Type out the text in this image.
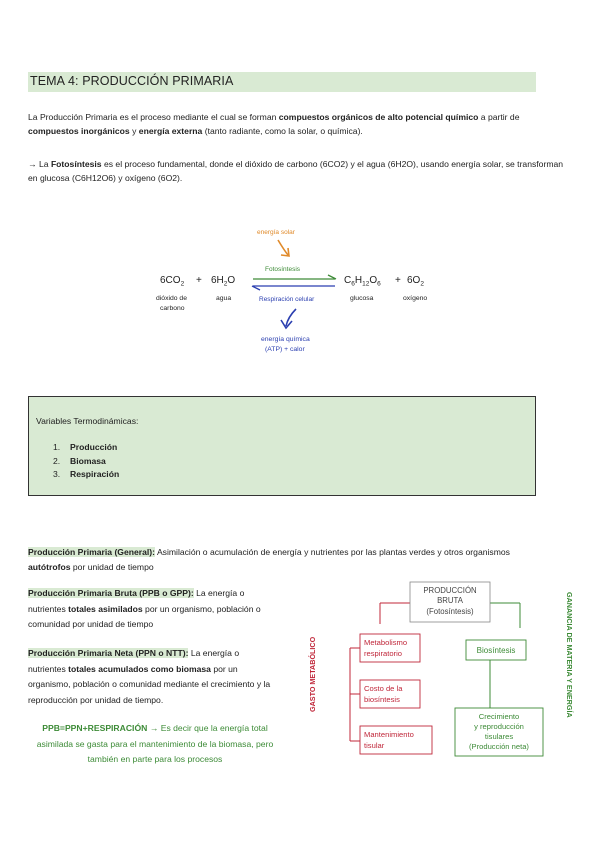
TEMA 4: PRODUCCIÓN PRIMARIA
La Producción Primaria es el proceso mediante el cual se forman compuestos orgánicos de alto potencial químico a partir de compuestos inorgánicos y energía externa (tanto radiante, como la solar, o química).
→ La Fotosíntesis es el proceso fundamental, donde el dióxido de carbono (6CO2) y el agua (6H2O), usando energía solar, se transforman en glucosa (C6H12O6) y oxígeno (6O2).
energía solar
Fotosíntesis
$6CO_2 + 6H_2O$
Respiración celular
$C_6H_{12}O_6 + 6O_2$
dióxido de
carbono
agua	glucosa	oxígeno
energía química
(ATP) + calor
Variables Termodinámicas:
1. Producción
2. Biomasa
3. Respiración
Producción Primaria (General): Asimilación o acumulación de energía y nutrientes por las plantas verdes y otros organismos autótrofos por unidad de tiempo
Producción Primaria Bruta (PPB o GPP): La energía o nutrientes totales asimilados por un organismo, población o comunidad por unidad de tiempo
Producción Primaria Neta (PPN o NTT): La energía o nutrientes totales acumulados como biomasa por un organismo, población o comunidad mediante el crecimiento y la reproducción por unidad de tiempo.
PPB=PPN+RESPIRACIÓN → Es decir que la energía total asimilada se gasta para el mantenimiento de la biomasa, pero también en parte para los procesos
PRODUCCIÓN
BRUTA
(Fotosíntesis)
Metabolismo
respiratorio
Costo de la
biosíntesis
Mantenimiento
tisular
Biosíntesis
Crecimiento
y reproducción
tisulares
(Producción neta)
GASTO METABÓLICO	GANANCIA DE MATERIA Y ENERGÍA
